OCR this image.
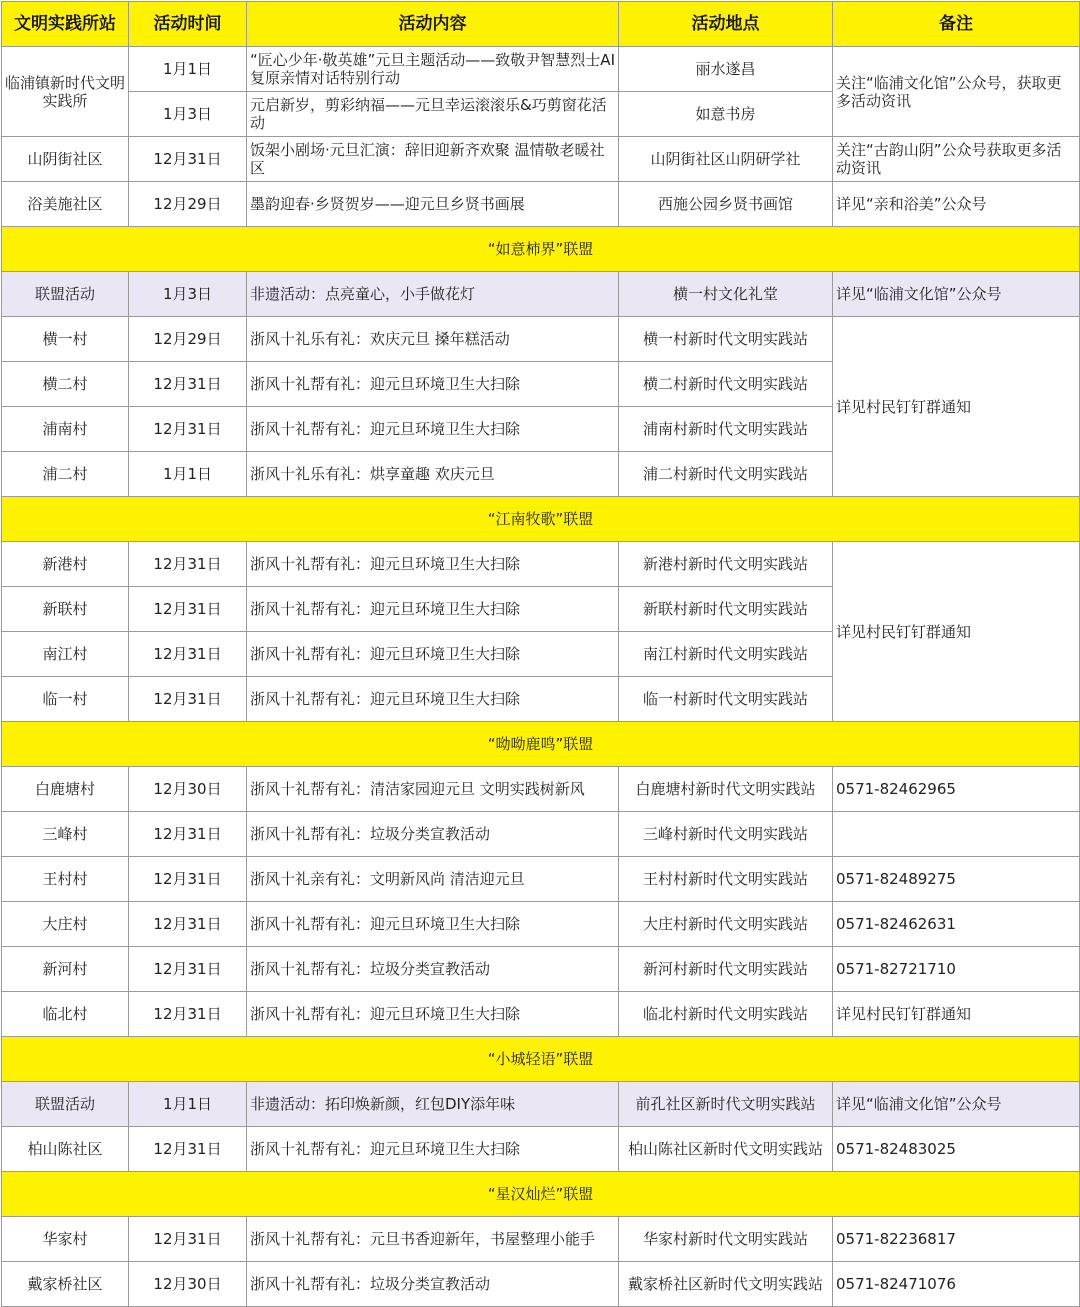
文明实践所站	活动时间	活动内容	活动地点	备注
临浦镇新时代文明实践所	1月1日	“匠心少年·敬英雄”元旦主题活动——致敬尹智慧烈士AI复原亲情对话特别行动	丽水遂昌	关注“临浦文化馆”公众号，获取更多活动资讯
	1月3日	元启新岁，剪彩纳福——元旦幸运滚滚乐&巧剪窗花活动	如意书房	
山阴街社区	12月31日	饭架小剧场·元旦汇演：辞旧迎新齐欢聚 温情敬老暖社区	山阴街社区山阴研学社	关注“古韵山阴”公众号获取更多活动资讯
浴美施社区	12月29日	墨韵迎春·乡贤贺岁——迎元旦乡贤书画展	西施公园乡贤书画馆	详见“亲和浴美”公众号
“如意柿界”联盟				
联盟活动	1月3日	非遗活动：点亮童心，小手做花灯	横一村文化礼堂	详见“临浦文化馆”公众号
横一村	12月29日	浙风十礼乐有礼：欢庆元旦 搡年糕活动	横一村新时代文明实践站	详见村民钉钉群通知
横二村	12月31日	浙风十礼帮有礼：迎元旦环境卫生大扫除	横二村新时代文明实践站	
浦南村	12月31日	浙风十礼帮有礼：迎元旦环境卫生大扫除	浦南村新时代文明实践站	
浦二村	1月1日	浙风十礼乐有礼：烘享童趣 欢庆元旦	浦二村新时代文明实践站	
“江南牧歌”联盟				
新港村	12月31日	浙风十礼帮有礼：迎元旦环境卫生大扫除	新港村新时代文明实践站	详见村民钉钉群通知
新联村	12月31日	浙风十礼帮有礼：迎元旦环境卫生大扫除	新联村新时代文明实践站	
南江村	12月31日	浙风十礼帮有礼：迎元旦环境卫生大扫除	南江村新时代文明实践站	
临一村	12月31日	浙风十礼帮有礼：迎元旦环境卫生大扫除	临一村新时代文明实践站	
“呦呦鹿鸣”联盟				
白鹿塘村	12月30日	浙风十礼帮有礼：清洁家园迎元旦 文明实践树新风	白鹿塘村新时代文明实践站	0571-82462965
三峰村	12月31日	浙风十礼帮有礼：垃圾分类宣教活动	三峰村新时代文明实践站	
王村村	12月31日	浙风十礼亲有礼：文明新风尚 清洁迎元旦	王村村新时代文明实践站	0571-82489275
大庄村	12月31日	浙风十礼帮有礼：迎元旦环境卫生大扫除	大庄村新时代文明实践站	0571-82462631
新河村	12月31日	浙风十礼帮有礼：垃圾分类宣教活动	新河村新时代文明实践站	0571-82721710
临北村	12月31日	浙风十礼帮有礼：迎元旦环境卫生大扫除	临北村新时代文明实践站	详见村民钉钉群通知
“小城轻语”联盟				
联盟活动	1月1日	非遗活动：拓印焕新颜，红包DIY添年味	前孔社区新时代文明实践站	详见“临浦文化馆”公众号
柏山陈社区	12月31日	浙风十礼帮有礼：迎元旦环境卫生大扫除	柏山陈社区新时代文明实践站	0571-82483025
“星汉灿烂”联盟				
华家村	12月31日	浙风十礼帮有礼：元旦书香迎新年，书屋整理小能手	华家村新时代文明实践站	0571-82236817
戴家桥社区	12月30日	浙风十礼帮有礼：垃圾分类宣教活动	戴家桥社区新时代文明实践站	0571-82471076
